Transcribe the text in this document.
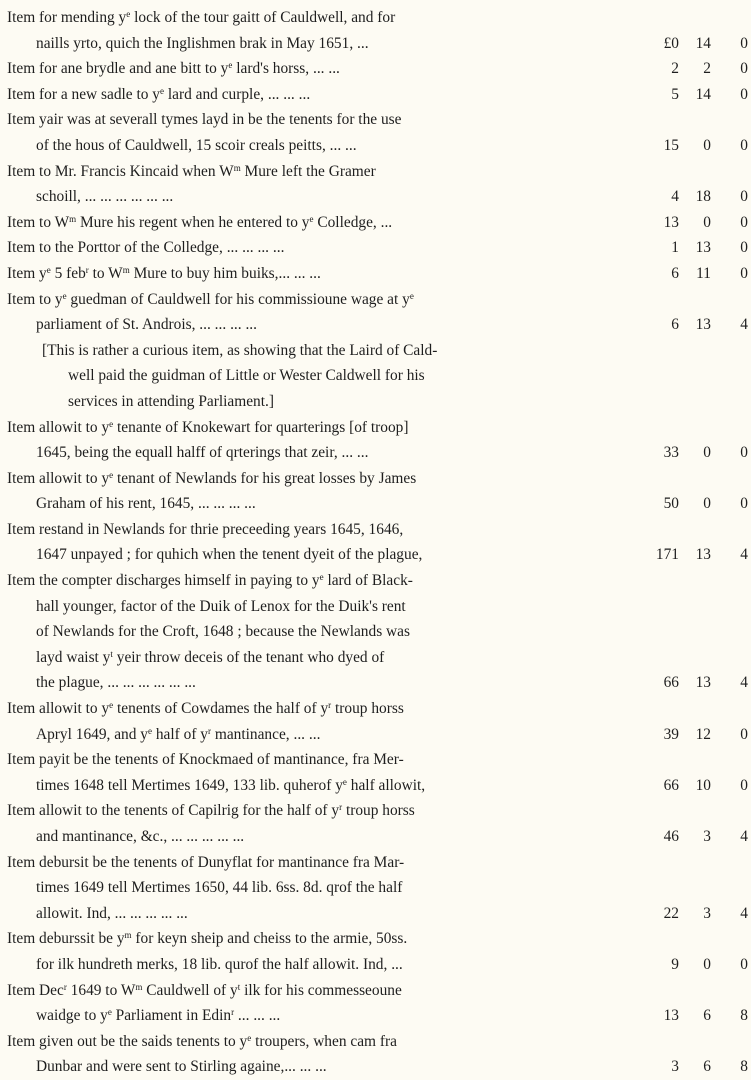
Item for mending $y^e$ lock of the tour gaitt of Cauldwell, and for
naills yrto, quich the Inglishmen brak in May 1651, ...	£0 14 0
Item for ane brydle and ane bitt to $y^e$ lard's horss, ... ...	2 2 0
Item for a new sadle to $y^e$ lard and curple, ... ... ...	5 14 0
Item yair was at severall tymes layd in be the tenents for the use
of the hous of Cauldwell, 15 scoir creals peitts, ... ...	15 0 0
Item to Mr. Francis Kincaid when $W^m$ Mure left the Gramer
schoill, ... ... ... ... ... ...	4 18 0
Item to $W^m$ Mure his regent when he entered to $y^e$ Colledge, ...	13 0 0
Item to the Porttor of the Colledge, ... ... ... ...	1 13 0
Item $y^e$ 5 feb$^r$ to $W^m$ Mure to buy him buiks,... ... ...	6 11 0
Item to $y^e$ guedman of Cauldwell for his commissioune wage at $y^e$
parliament of St. Androis, ... ... ... ...	6 13 4
[This is rather a curious item, as showing that the Laird of Cald-
well paid the guidman of Little or Wester Caldwell for his
services in attending Parliament.]
Item allowit to $y^e$ tenante of Knokewart for quarterings [of troop]
1645, being the equall halff of qrterings that zeir, ... ...	33 0 0
Item allowit to $y^e$ tenant of Newlands for his great losses by James
Graham of his rent, 1645, ... ... ... ...	50 0 0
Item restand in Newlands for thrie preceeding years 1645, 1646,
1647 unpayed ; for quhich when the tenent dyeit of the plague,	171 13 4
Item the compter discharges himself in paying to $y^e$ lard of Black-
hall younger, factor of the Duik of Lenox for the Duik's rent
of Newlands for the Croft, 1648 ; because the Newlands was
layd waist $y^t$ yeir throw deceis of the tenant who dyed of
the plague, ... ... ... ... ... ...	66 13 4
Item allowit to $y^e$ tenents of Cowdames the half of $y^r$ troup horss
Apryl 1649, and $y^e$ half of $y^r$ mantinance, ... ...	39 12 0
Item payit be the tenents of Knockmaed of mantinance, fra Mer-
times 1648 tell Mertimes 1649, 133 lib. quherof $y^e$ half allowit,	66 10 0
Item allowit to the tenents of Capilrig for the half of $y^r$ troup horss
and mantinance, &c., ... ... ... ... ...	46 3 4
Item debursit be the tenents of Dunyflat for mantinance fra Mar-
times 1649 tell Mertimes 1650, 44 lib. 6ss. 8d. qrof the half
allowit. Ind, ... ... ... ... ...	22 3 4
Item deburssit be $y^m$ for keyn sheip and cheiss to the armie, 50ss.
for ilk hundreth merks, 18 lib. qurof the half allowit. Ind, ...	9 0 0
Item Dec$^r$ 1649 to $W^m$ Cauldwell of $y^t$ ilk for his commesseoune
waidge to $y^e$ Parliament in Edin$^r$ ... ... ...	13 6 8
Item given out be the saids tenents to $y^e$ troupers, when cam fra
Dunbar and were sent to Stirling againe,... ... ...	3 6 8
